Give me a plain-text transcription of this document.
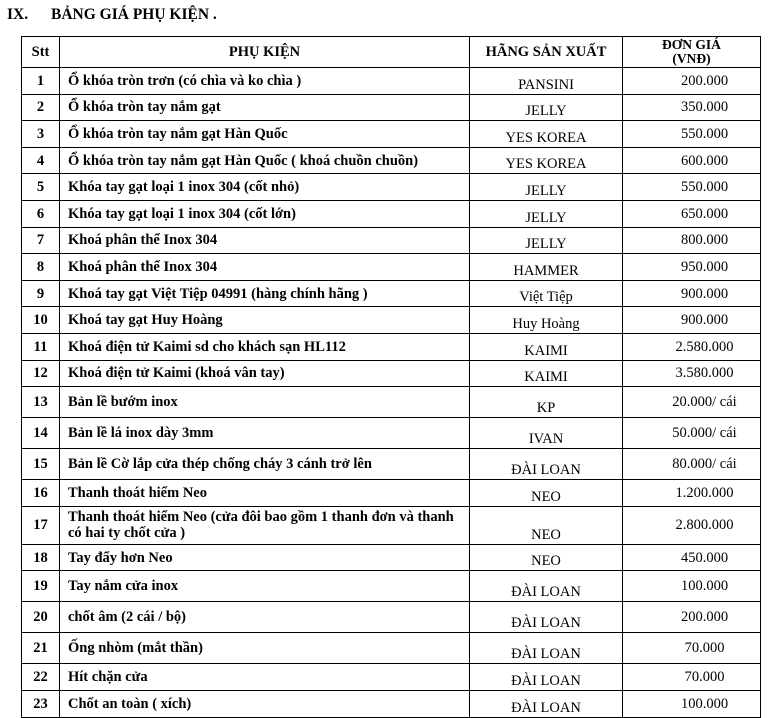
IX. BẢNG GIÁ PHỤ KIỆN .
Stt	PHỤ KIỆN	HÃNG SẢN XUẤT	ĐƠN GIÁ
(VNĐ)
1	Ổ khóa tròn trơn (có chìa và ko chìa )	PANSINI	200.000
2	Ổ khóa tròn tay nắm gạt	JELLY	350.000
3	Ổ khóa tròn tay nắm gạt Hàn Quốc	YES KOREA	550.000
4	Ổ khóa tròn tay nắm gạt Hàn Quốc ( khoá chuồn chuồn)	YES KOREA	600.000
5	Khóa tay gạt loại 1 inox 304 (cốt nhỏ)	JELLY	550.000
6	Khóa tay gạt loại 1 inox 304 (cốt lớn)	JELLY	650.000
7	Khoá phân thể Inox 304	JELLY	800.000
8	Khoá phân thể Inox 304	HAMMER	950.000
9	Khoá tay gạt Việt Tiệp 04991 (hàng chính hãng )	Việt Tiệp	900.000
10	Khoá tay gạt Huy Hoàng	Huy Hoàng	900.000
11	Khoá điện tử Kaimi sd cho khách sạn HL112	KAIMI	2.580.000
12	Khoá điện tử Kaimi (khoá vân tay)	KAIMI	3.580.000
13	Bản lề bướm inox	KP	20.000/ cái
14	Bản lề lá inox dày 3mm	IVAN	50.000/ cái
15	Bản lề Cờ lắp cửa thép chống cháy 3 cánh trở lên	ĐÀI LOAN	80.000/ cái
16	Thanh thoát hiểm Neo	NEO	1.200.000
17	Thanh thoát hiểm Neo (cửa đôi bao gồm 1 thanh đơn và thanh có hai ty chốt cửa )	NEO	2.800.000
18	Tay đẩy hơn Neo	NEO	450.000
19	Tay nắm cửa inox	ĐÀI LOAN	100.000
20	chốt âm (2 cái / bộ)	ĐÀI LOAN	200.000
21	Ống nhòm (mắt thần)	ĐÀI LOAN	70.000
22	Hít chặn cửa	ĐÀI LOAN	70.000
23	Chốt an toàn ( xích)	ĐÀI LOAN	100.000
